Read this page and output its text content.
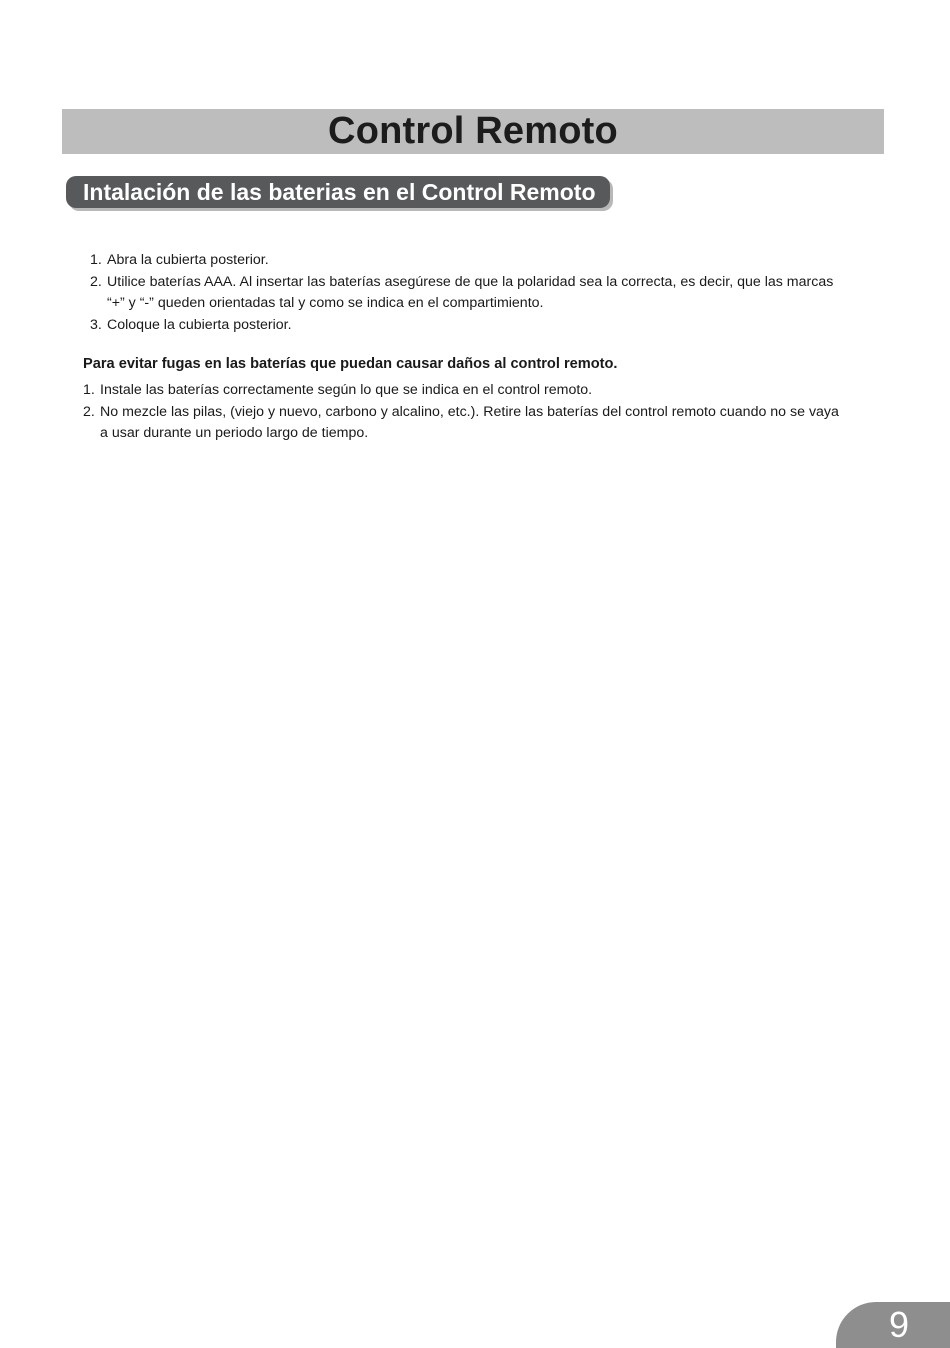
Control Remoto
Intalación de las baterias en el Control Remoto
1. Abra la cubierta posterior.
2. Utilice baterías AAA. Al insertar las baterías asegúrese de que la polaridad sea la correcta, es decir, que las marcas “+” y “-” queden orientadas tal y como se indica en el compartimiento.
3. Coloque la cubierta posterior.
Para evitar fugas en las baterías que puedan causar daños al control remoto.
1. Instale las baterías correctamente según lo que se indica en el control remoto.
2. No mezcle las pilas, (viejo y nuevo, carbono y alcalino, etc.). Retire las baterías del control remoto cuando no se vaya a usar durante un periodo largo de tiempo.
9
